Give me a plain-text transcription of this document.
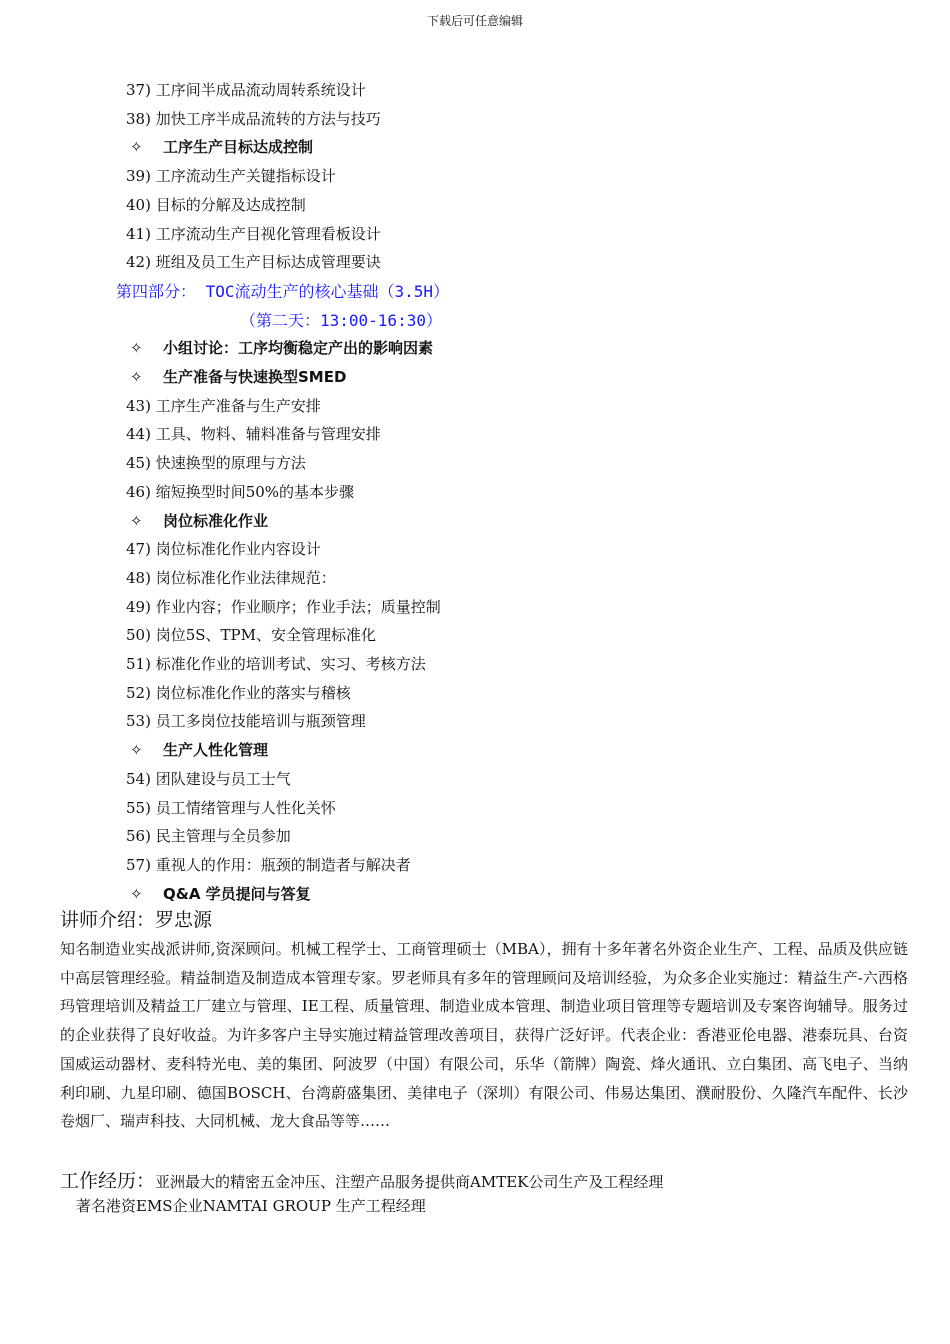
下载后可任意编辑
37) 工序间半成品流动周转系统设计
38) 加快工序半成品流转的方法与技巧
✧ 工序生产目标达成控制
39) 工序流动生产关键指标设计
40) 目标的分解及达成控制
41) 工序流动生产目视化管理看板设计
42) 班组及员工生产目标达成管理要诀
第四部分： TOC流动生产的核心基础（3.5H）
（第二天：13:00-16:30）
✧ 小组讨论：工序均衡稳定产出的影响因素
✧ 生产准备与快速换型SMED
43) 工序生产准备与生产安排
44) 工具、物料、辅料准备与管理安排
45) 快速换型的原理与方法
46) 缩短换型时间50%的基本步骤
✧ 岗位标准化作业
47) 岗位标准化作业内容设计
48) 岗位标准化作业法律规范：
49) 作业内容；作业顺序；作业手法；质量控制
50) 岗位5S、TPM、安全管理标准化
51) 标准化作业的培训考试、实习、考核方法
52) 岗位标准化作业的落实与稽核
53) 员工多岗位技能培训与瓶颈管理
✧ 生产人性化管理
54) 团队建设与员工士气
55) 员工情绪管理与人性化关怀
56) 民主管理与全员参加
57) 重视人的作用：瓶颈的制造者与解决者
✧ Q&A 学员提问与答复
讲师介绍：罗忠源
知名制造业实战派讲师,资深顾问。机械工程学士、工商管理硕士（MBA），拥有十多年著名外资企业生产、工程、品质及供应链中高层管理经验。精益制造及制造成本管理专家。罗老师具有多年的管理顾问及培训经验，为众多企业实施过：精益生产-六西格玛管理培训及精益工厂建立与管理、IE工程、质量管理、制造业成本管理、制造业项目管理等专题培训及专案咨询辅导。服务过的企业获得了良好收益。为许多客户主导实施过精益管理改善项目，获得广泛好评。代表企业：香港亚伦电器、港泰玩具、台资国威运动器材、麦科特光电、美的集团、阿波罗（中国）有限公司，乐华（箭牌）陶瓷、烽火通讯、立白集团、高飞电子、当纳利印刷、九星印刷、德国BOSCH、台湾蔚盛集团、美律电子（深圳）有限公司、伟易达集团、濮耐股份、久隆汽车配件、长沙卷烟厂、瑞声科技、大同机械、龙大食品等等……
工作经历：亚洲最大的精密五金冲压、注塑产品服务提供商AMTEK公司生产及工程经理
著名港资EMS企业NAMTAI GROUP 生产工程经理
